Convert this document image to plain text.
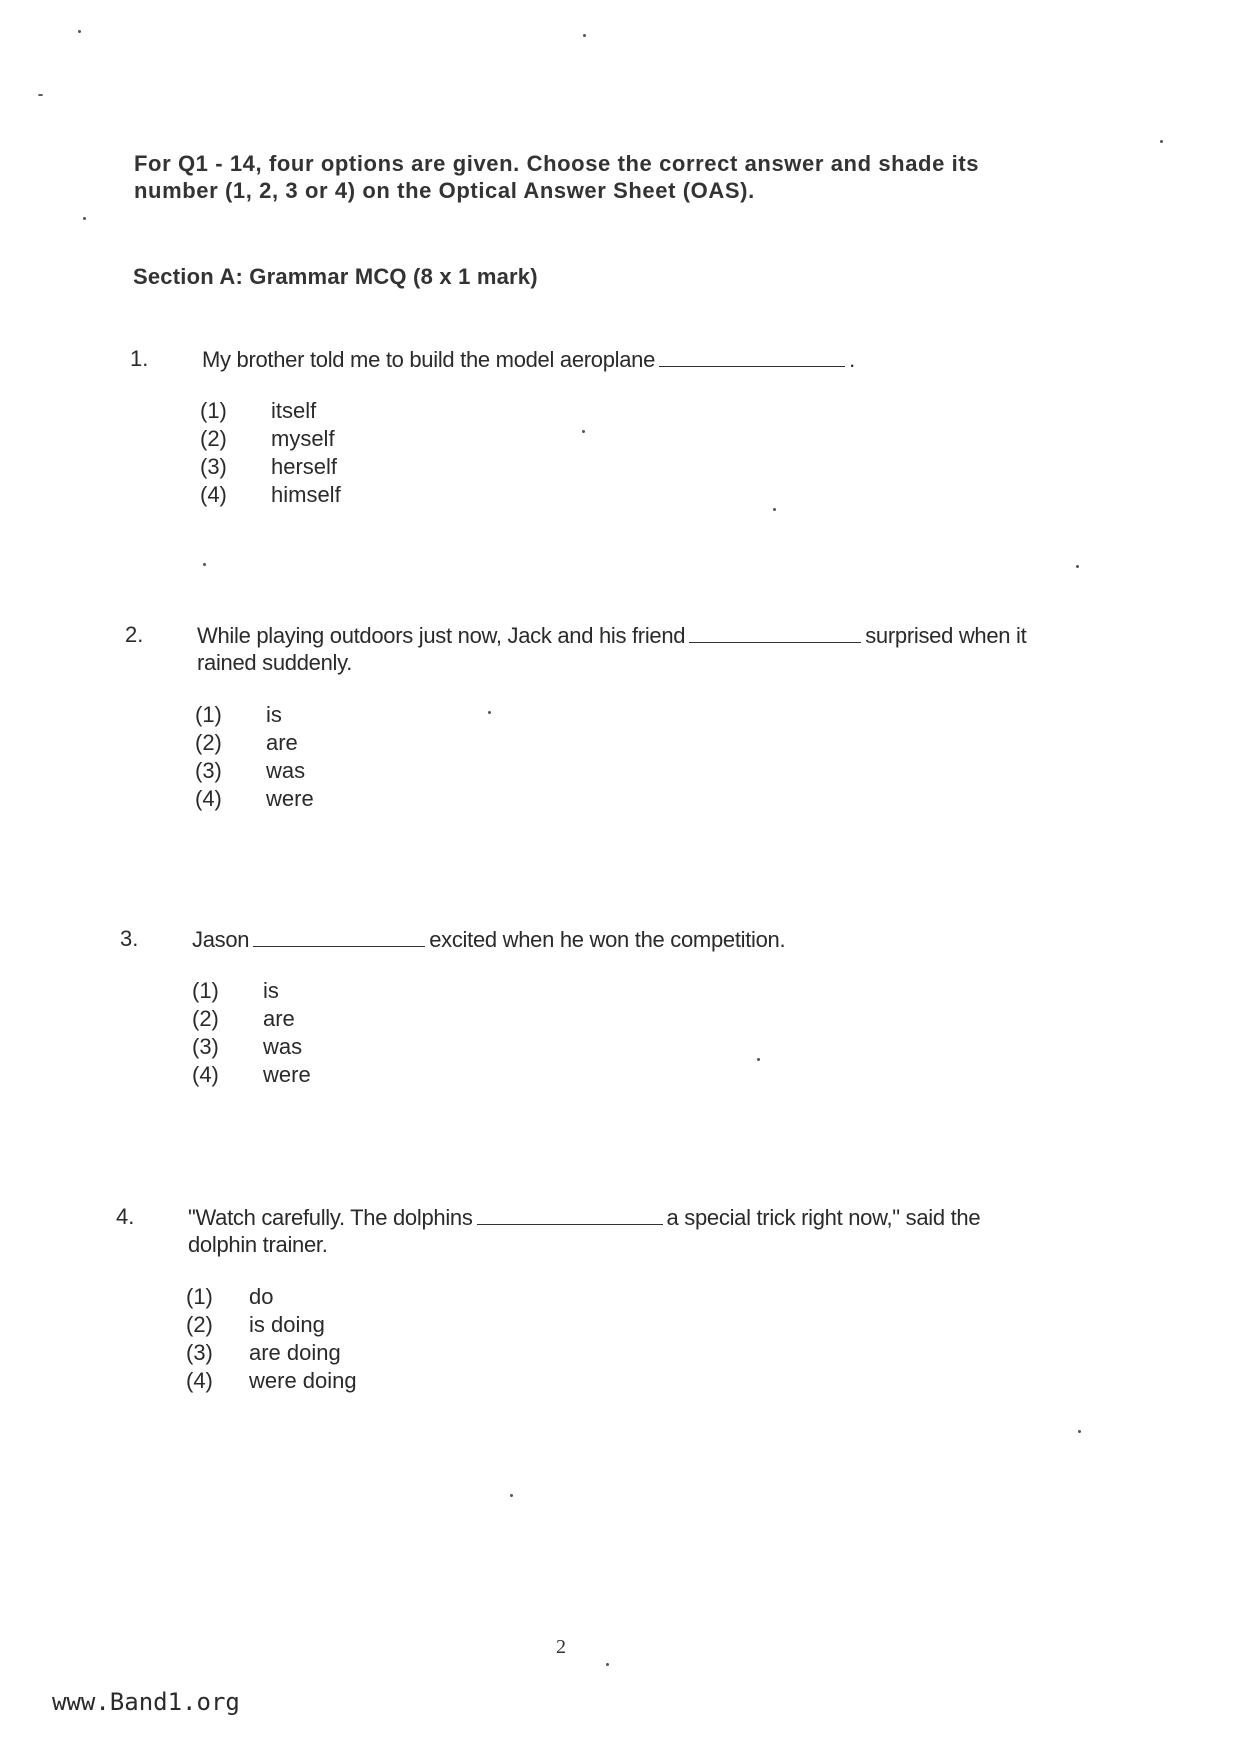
For Q1 - 14, four options are given. Choose the correct answer and shade its number (1, 2, 3 or 4) on the Optical Answer Sheet (OAS).
Section A: Grammar MCQ (8 x 1 mark)
1. My brother told me to build the model aeroplane	.
(1) itself
(2) myself
(3) herself
(4) himself
2. While playing outdoors just now, Jack and his friend	surprised when it rained suddenly.
(1) is
(2) are
(3) was
(4) were
3. Jason	excited when he won the competition.
(1) is
(2) are
(3) was
(4) were
4. "Watch carefully. The dolphins	a special trick right now," said the dolphin trainer.
(1) do
(2) is doing
(3) are doing
(4) were doing
2
www.Band1.org
